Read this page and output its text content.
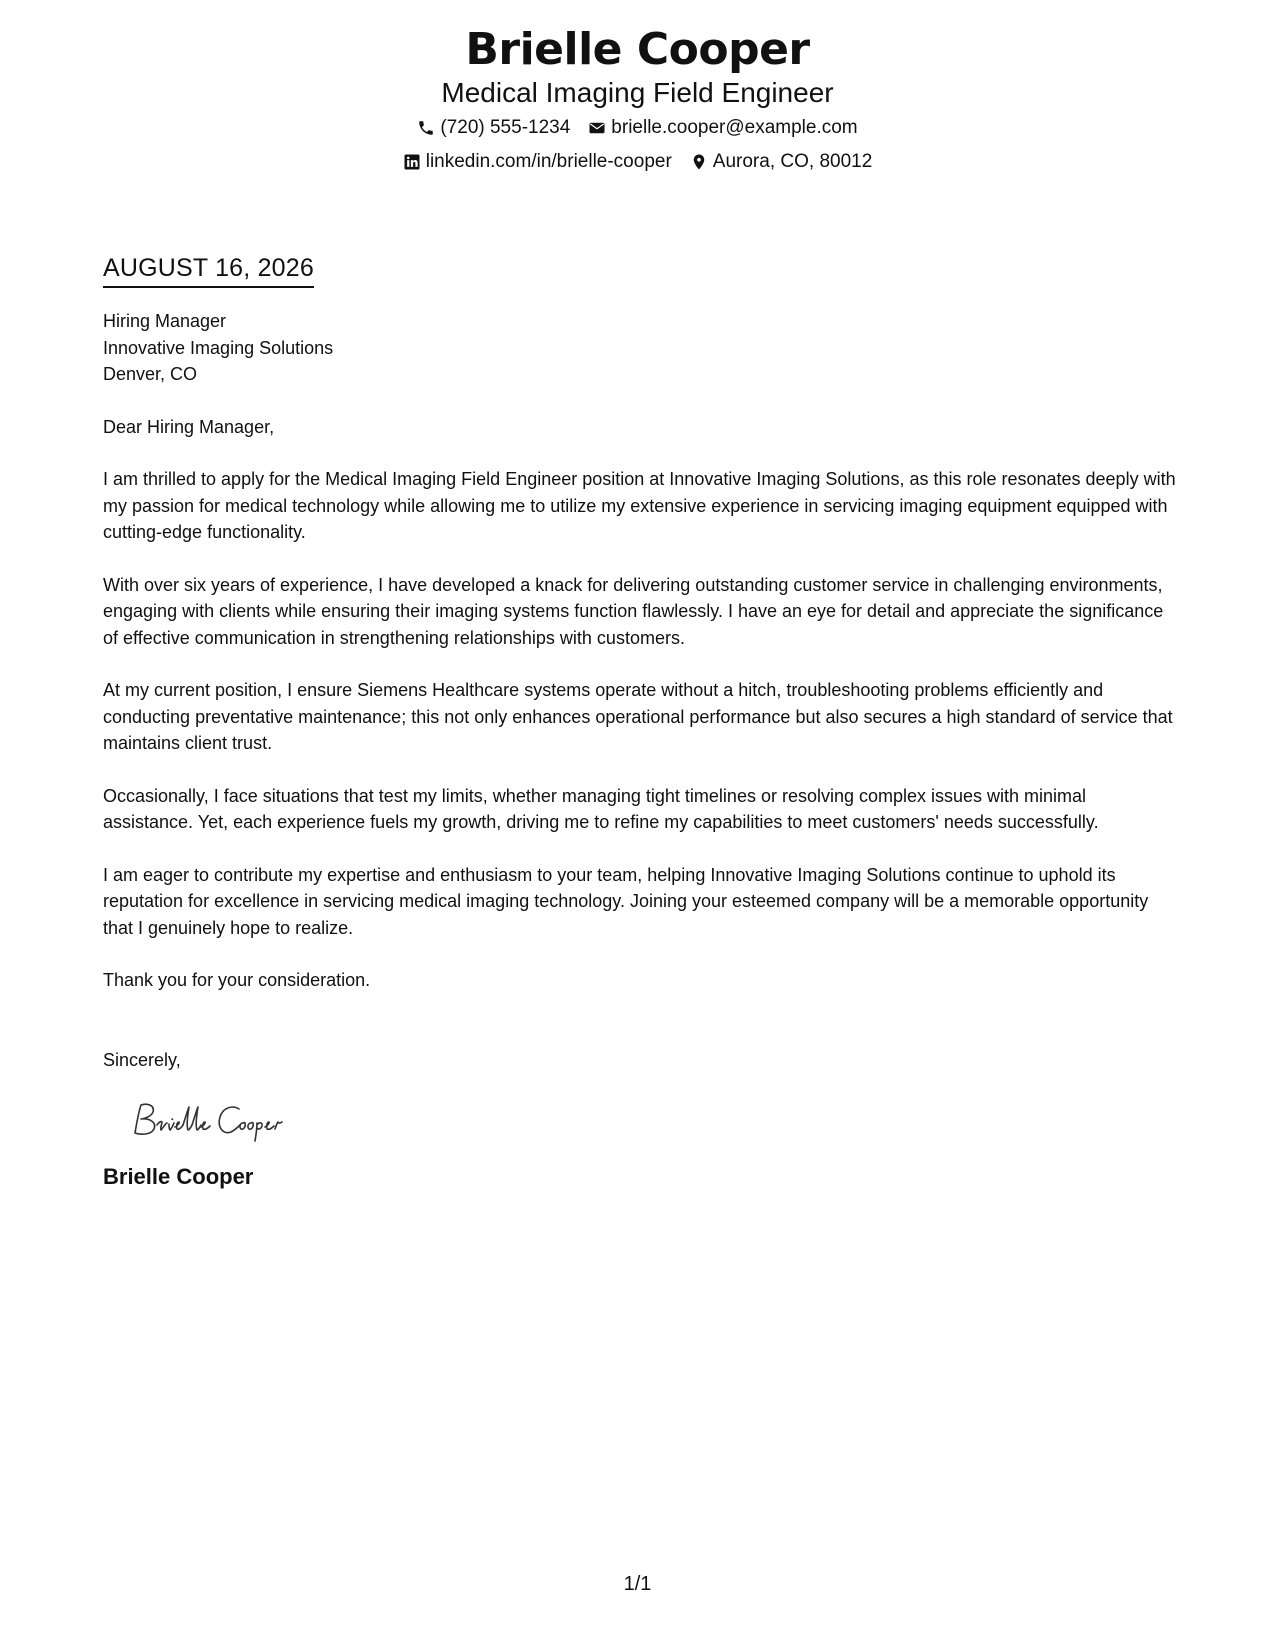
Brielle Cooper
Medical Imaging Field Engineer
(720) 555-1234 brielle.cooper@example.com
linkedin.com/in/brielle-cooper Aurora, CO, 80012
AUGUST 16, 2026
Hiring Manager
Innovative Imaging Solutions
Denver, CO
Dear Hiring Manager,
I am thrilled to apply for the Medical Imaging Field Engineer position at Innovative Imaging Solutions, as this role resonates deeply with my passion for medical technology while allowing me to utilize my extensive experience in servicing imaging equipment equipped with cutting-edge functionality.
With over six years of experience, I have developed a knack for delivering outstanding customer service in challenging environments, engaging with clients while ensuring their imaging systems function flawlessly. I have an eye for detail and appreciate the significance of effective communication in strengthening relationships with customers.
At my current position, I ensure Siemens Healthcare systems operate without a hitch, troubleshooting problems efficiently and conducting preventative maintenance; this not only enhances operational performance but also secures a high standard of service that maintains client trust.
Occasionally, I face situations that test my limits, whether managing tight timelines or resolving complex issues with minimal assistance. Yet, each experience fuels my growth, driving me to refine my capabilities to meet customers' needs successfully.
I am eager to contribute my expertise and enthusiasm to your team, helping Innovative Imaging Solutions continue to uphold its reputation for excellence in servicing medical imaging technology. Joining your esteemed company will be a memorable opportunity that I genuinely hope to realize.
Thank you for your consideration.
Sincerely,
Brielle Cooper
1/1
